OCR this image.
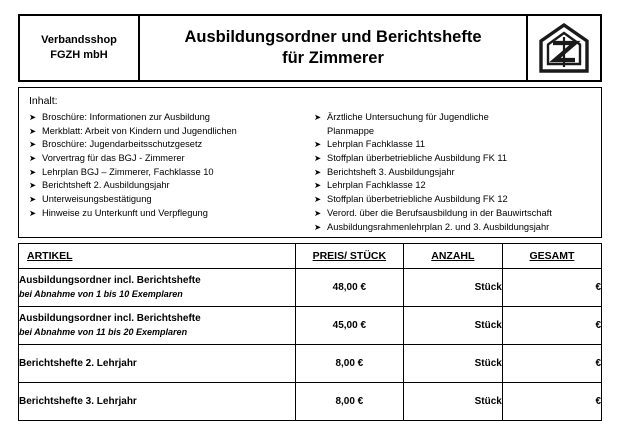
Verbandsshop
FGZH mbH
Ausbildungsordner und Berichtshefte
für Zimmerer
Inhalt:
➤ Broschüre: Informationen zur Ausbildung
➤ Merkblatt: Arbeit von Kindern und Jugendlichen
➤ Broschüre: Jugendarbeitsschutzgesetz
➤ Vorvertrag für das BGJ - Zimmerer
➤ Lehrplan BGJ – Zimmerer, Fachklasse 10
➤ Berichtsheft 2. Ausbildungsjahr
➤ Unterweisungsbestätigung
➤ Hinweise zu Unterkunft und Verpflegung
➤ Ärztliche Untersuchung für Jugendliche
Planmappe
➤ Lehrplan Fachklasse 11
➤ Stoffplan überbetriebliche Ausbildung FK 11
➤ Berichtsheft 3. Ausbildungsjahr
➤ Lehrplan Fachklasse 12
➤ Stoffplan überbetriebliche Ausbildung FK 12
➤ Verord. über die Berufsausbildung in der Bauwirtschaft
➤ Ausbildungsrahmenlehrplan 2. und 3. Ausbildungsjahr
ARTIKEL	PREIS/ STÜCK	ANZAHL	GESAMT

Ausbildungsordner incl. Berichtshefte
bei Abnahme von 1 bis 10 Exemplaren	48,00 €	Stück	€

Ausbildungsordner incl. Berichtshefte
bei Abnahme von 11 bis 20 Exemplaren	45,00 €	Stück	€

Berichtshefte 2. Lehrjahr	8,00 €	Stück	€

Berichtshefte 3. Lehrjahr	8,00 €	Stück	€
